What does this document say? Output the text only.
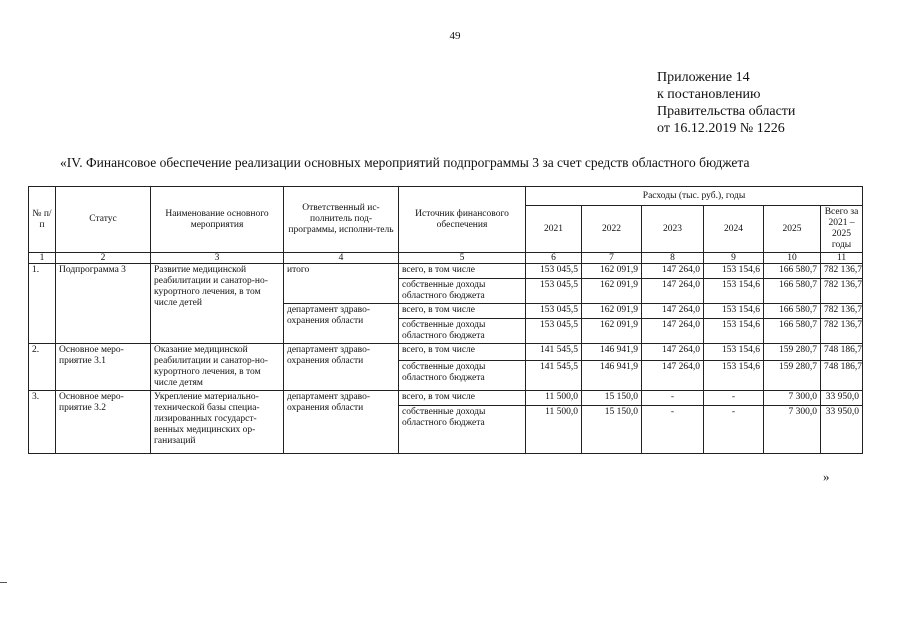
49
Приложение 14
к постановлению
Правительства области
от 16.12.2019 № 1226
«IV. Финансовое обеспечение реализации основных мероприятий подпрограммы 3 за счет средств областного бюджета
№ п/п	Статус	Наименование основного мероприятия	Ответственный ис-полнитель под-программы, исполни-тель	Источник финансового обеспечения	Расходы (тыс. руб.), годы					
					2021	2022	2023	2024	2025	Всего за 2021 – 2025 годы
1	2	3	4	5	6	7	8	9	10	11
1.	Подпрограмма 3	Развитие медицинской реабилитации и санатор-но-курортного лечения, в том числе детей	итого	всего, в том числе	153 045,5	162 091,9	147 264,0	153 154,6	166 580,7	782 136,7
				собственные доходы областного бюджета	153 045,5	162 091,9	147 264,0	153 154,6	166 580,7	782 136,7
			департамент здраво-охранения области	всего, в том числе	153 045,5	162 091,9	147 264,0	153 154,6	166 580,7	782 136,7
				собственные доходы областного бюджета	153 045,5	162 091,9	147 264,0	153 154,6	166 580,7	782 136,7
2.	Основное меро-приятие 3.1	Оказание медицинской реабилитации и санатор-но-курортного лечения, в том числе детям	департамент здраво-охранения области	всего, в том числе	141 545,5	146 941,9	147 264,0	153 154,6	159 280,7	748 186,7
				собственные доходы областного бюджета	141 545,5	146 941,9	147 264,0	153 154,6	159 280,7	748 186,7
3.	Основное меро-приятие 3.2	Укрепление материально-технической базы специа-лизированных государст-венных медицинских ор-ганизаций	департамент здраво-охранения области	всего, в том числе	11 500,0	15 150,0	-	-	7 300,0	33 950,0
				собственные доходы областного бюджета	11 500,0	15 150,0	-	-	7 300,0	33 950,0
»
